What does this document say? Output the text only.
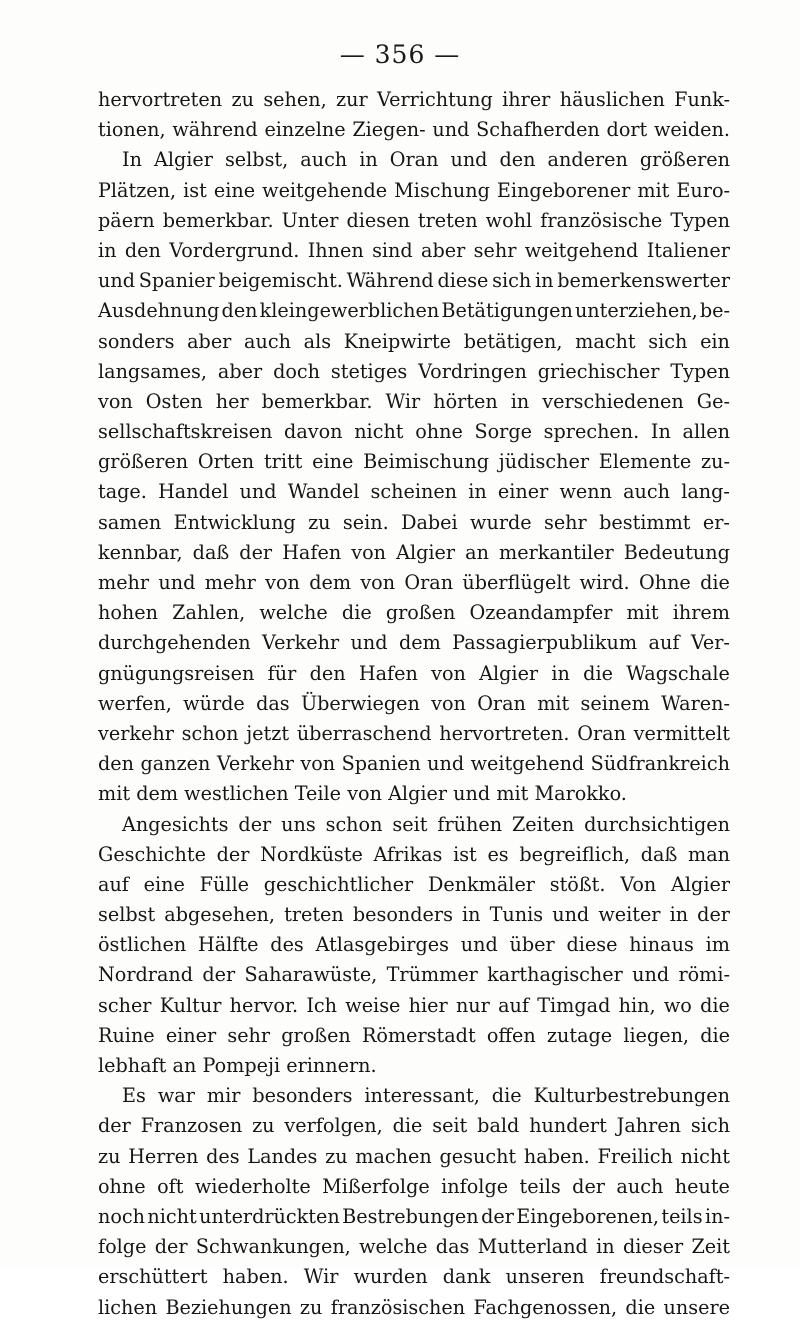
— 356 —
hervortreten zu sehen, zur Verrichtung ihrer häuslichen Funk-
tionen, während einzelne Ziegen- und Schafherden dort weiden.
In Algier selbst, auch in Oran und den anderen größeren
Plätzen, ist eine weitgehende Mischung Eingeborener mit Euro-
päern bemerkbar. Unter diesen treten wohl französische Typen
in den Vordergrund. Ihnen sind aber sehr weitgehend Italiener
und Spanier beigemischt. Während diese sich in bemerkenswerter
Ausdehnung den kleingewerblichen Betätigungen unterziehen, be-
sonders aber auch als Kneipwirte betätigen, macht sich ein
langsames, aber doch stetiges Vordringen griechischer Typen
von Osten her bemerkbar. Wir hörten in verschiedenen Ge-
sellschaftskreisen davon nicht ohne Sorge sprechen. In allen
größeren Orten tritt eine Beimischung jüdischer Elemente zu-
tage. Handel und Wandel scheinen in einer wenn auch lang-
samen Entwicklung zu sein. Dabei wurde sehr bestimmt er-
kennbar, daß der Hafen von Algier an merkantiler Bedeutung
mehr und mehr von dem von Oran überflügelt wird. Ohne die
hohen Zahlen, welche die großen Ozeandampfer mit ihrem
durchgehenden Verkehr und dem Passagierpublikum auf Ver-
gnügungsreisen für den Hafen von Algier in die Wagschale
werfen, würde das Überwiegen von Oran mit seinem Waren-
verkehr schon jetzt überraschend hervortreten. Oran vermittelt
den ganzen Verkehr von Spanien und weitgehend Südfrankreich
mit dem westlichen Teile von Algier und mit Marokko.
Angesichts der uns schon seit frühen Zeiten durchsichtigen
Geschichte der Nordküste Afrikas ist es begreiflich, daß man
auf eine Fülle geschichtlicher Denkmäler stößt. Von Algier
selbst abgesehen, treten besonders in Tunis und weiter in der
östlichen Hälfte des Atlasgebirges und über diese hinaus im
Nordrand der Saharawüste, Trümmer karthagischer und römi-
scher Kultur hervor. Ich weise hier nur auf Timgad hin, wo die
Ruine einer sehr großen Römerstadt offen zutage liegen, die
lebhaft an Pompeji erinnern.
Es war mir besonders interessant, die Kulturbestrebungen
der Franzosen zu verfolgen, die seit bald hundert Jahren sich
zu Herren des Landes zu machen gesucht haben. Freilich nicht
ohne oft wiederholte Mißerfolge infolge teils der auch heute
noch nicht unterdrückten Bestrebungen der Eingeborenen, teils in-
folge der Schwankungen, welche das Mutterland in dieser Zeit
erschüttert haben. Wir wurden dank unseren freundschaft-
lichen Beziehungen zu französischen Fachgenossen, die unsere
